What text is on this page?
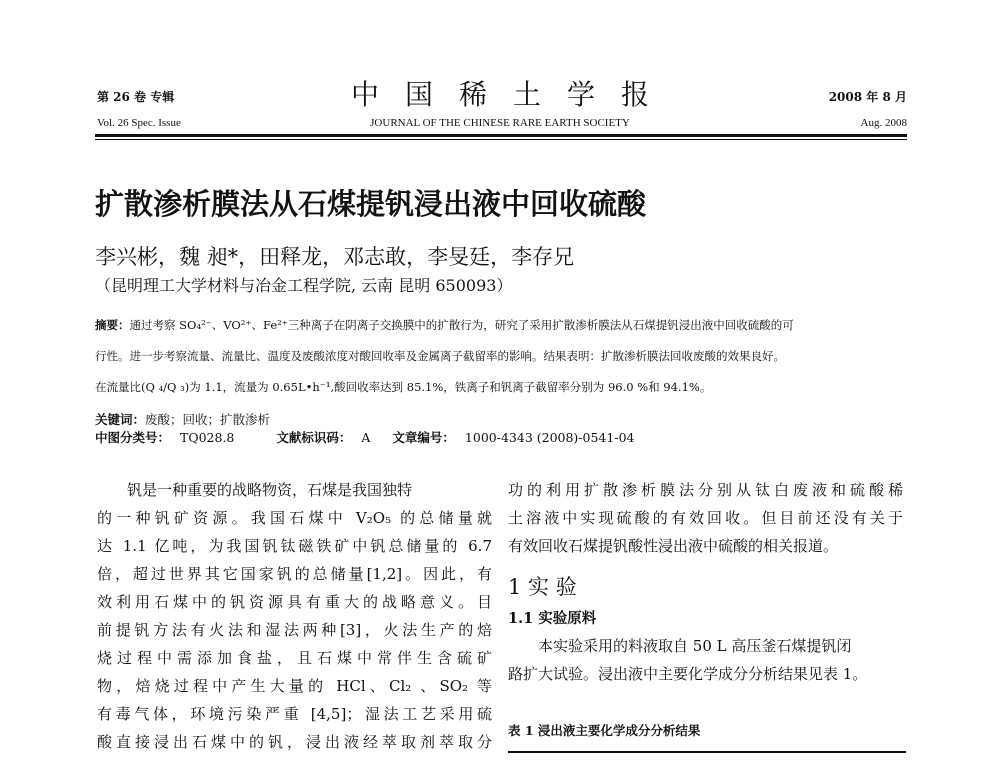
第 26 卷 专辑
Vol. 26 Spec. Issue
中国稀土学报
JOURNAL OF THE CHINESE RARE EARTH SOCIETY
2008 年 8 月
Aug. 2008
扩散渗析膜法从石煤提钒浸出液中回收硫酸
李兴彬，魏 昶*，田释龙，邓志敢，李旻廷，李存兄
（昆明理工大学材料与冶金工程学院, 云南 昆明 650093）
摘要：通过考察 SO₄²⁻、VO²⁺、Fe²⁺三种离子在阴离子交换膜中的扩散行为，研究了采用扩散渗析膜法从石煤提钒浸出液中回收硫酸的可
行性。进一步考察流量、流量比、温度及废酸浓度对酸回收率及金属离子截留率的影响。结果表明：扩散渗析膜法回收废酸的效果良好。
在流量比(Q ₄/Q ₃)为 1.1，流量为 0.65L•h⁻¹,酸回收率达到 85.1%，铁离子和钒离子截留率分别为 96.0 %和 94.1%。
关键词：废酸；回收；扩散渗析
中图分类号： TQ028.8	文献标识码： A 文章编号： 1000-4343 (2008)-0541-04
钒是一种重要的战略物资，石煤是我国独特
的一种钒矿资源。我国石煤中 V₂O₅ 的总储量就
达 1.1 亿吨，为我国钒钛磁铁矿中钒总储量的 6.7
倍，超过世界其它国家钒的总储量[1,2]。因此，有
效利用石煤中的钒资源具有重大的战略意义。目
前提钒方法有火法和湿法两种[3]，火法生产的焙
烧过程中需添加食盐，且石煤中常伴生含硫矿
物，焙烧过程中产生大量的 HCl、Cl₂ 、SO₂ 等
有毒气体，环境污染严重 [4,5]；湿法工艺采用硫
酸直接浸出石煤中的钒，浸出液经萃取剂萃取分
功的利用扩散渗析膜法分别从钛白废液和硫酸稀
土溶液中实现硫酸的有效回收。但目前还没有关于
有效回收石煤提钒酸性浸出液中硫酸的相关报道。
本实验采用的料液取自 50 L 高压釜石煤提钒闭
路扩大试验。浸出液中主要化学成分分析结果见表 1。
1 实 验
1.1 实验原料
表 1 浸出液主要化学成分分析结果
